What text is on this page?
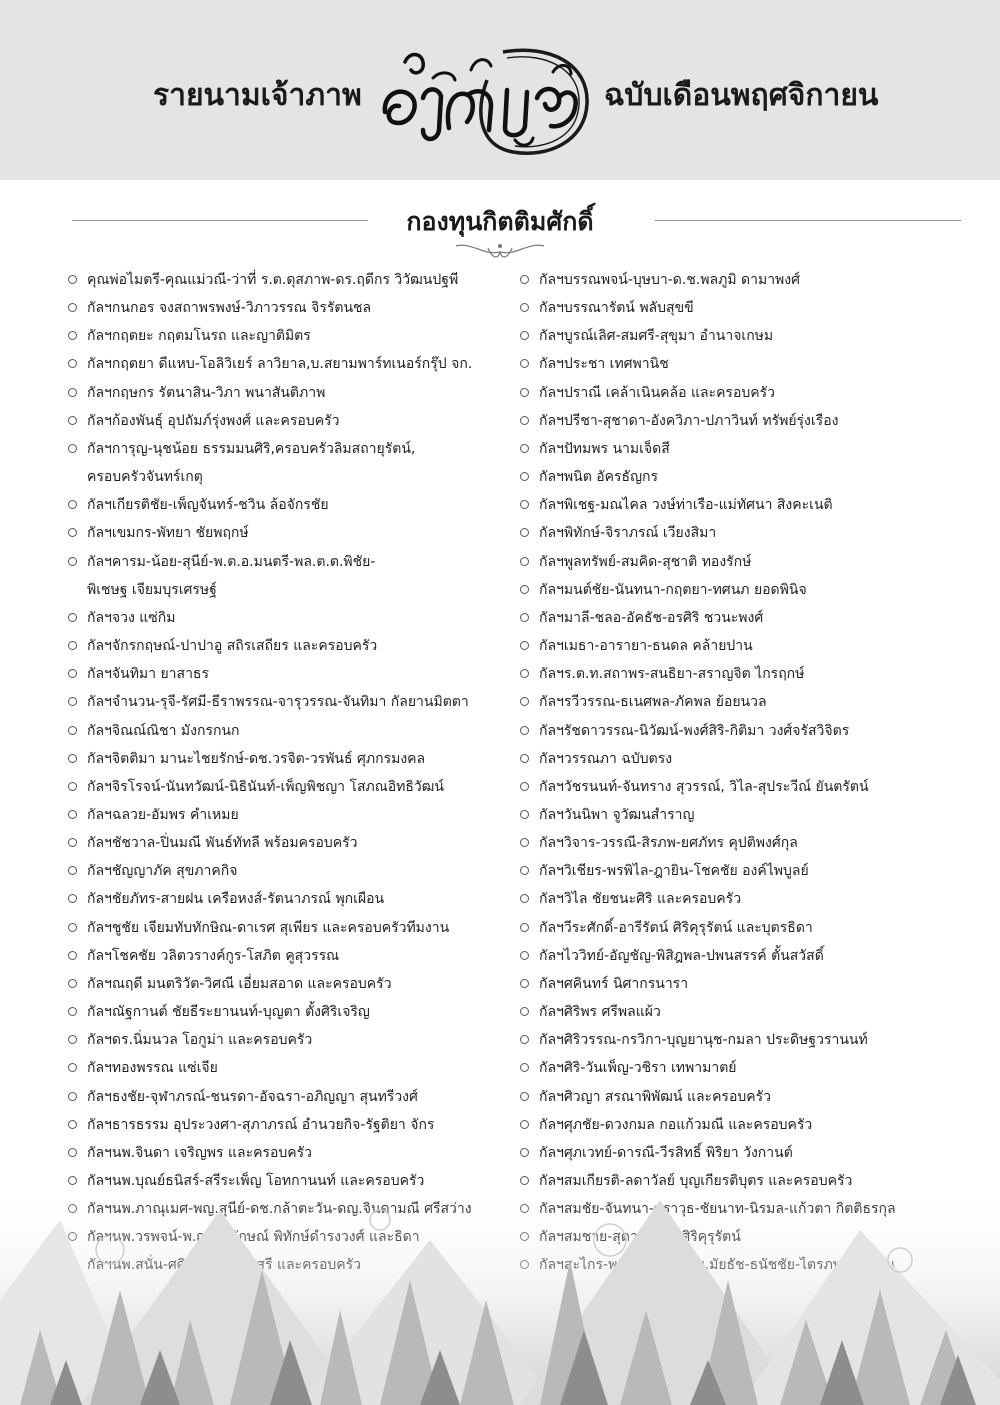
รายนามเจ้าภาพ	ฉบับเดือนพฤศจิกายน
กองทุนกิตติมศักดิ์
คุณพ่อไมตรี-คุณแม่วณี-ว่าที่ ร.ต.ดุสภาพ-ดร.ฤดีกร วิวัฒนปฐพี
กัลฯกนกอร จงสถาพรพงษ์-วิภาวรรณ จิรรัตนชล
กัลฯกฤตยะ กฤตมโนรถ และญาติมิตร
กัลฯกฤตยา ดีแหบ-โอลิวิเยร์ ลาวิยาล,บ.สยามพาร์ทเนอร์กรุ๊ป จก.
กัลฯกฤษกร รัตนาสิน-วิภา พนาสันติภาพ
กัลฯก้องพันธุ์ อุปถัมภ์รุ่งพงศ์ และครอบครัว
กัลฯการุญ-นุชน้อย ธรรมมนศิริ,ครอบครัวลิมสถายุรัตน์,
ครอบครัวจันทร์เกตุ
กัลฯเกียรติชัย-เพ็ญจันทร์-ชวิน ล้อจักรชัย
กัลฯเขมกร-พัทยา ชัยพฤกษ์
กัลฯคารม-น้อย-สุนีย์-พ.ต.อ.มนตรี-พล.ต.ต.พิชัย-
พิเชษฐ เจียมบุรเศรษฐ์
กัลฯจวง แซ่กิม
กัลฯจักรกฤษณ์-ปาปาอู สถิรเสถียร และครอบครัว
กัลฯจันทิมา ยาสาธร
กัลฯจำนวน-รุจี-รัศมี-ธีราพรรณ-จารุวรรณ-จันทิมา กัลยานมิตตา
กัลฯจิณณ์ณิชา มังกรกนก
กัลฯจิตติมา มานะไชยรักษ์-ดช.วรจิต-วรพันธ์ ศุภกรมงคล
กัลฯจิรโรจน์-นันทวัฒน์-นิธินันท์-เพ็ญพิชญา โสภณอิทธิวัฒน์
กัลฯฉลวย-อัมพร คำเหมย
กัลฯชัชวาล-ปิ่นมณี พันธ์ทัทลี พร้อมครอบครัว
กัลฯชัญญาภัค สุขภาคกิจ
กัลฯชัยภัทร-สายฝน เครือหงส์-รัตนาภรณ์ พุกเผือน
กัลฯชูชัย เจียมทับทักษิณ-ดาเรศ สุเพียร และครอบครัวทีมงาน
กัลฯโชคชัย วลิตวรางค์กูร-โสภิต คูสุวรรณ
กัลฯณฤดี มนตริวัต-วิศณี เอี่ยมสอาด และครอบครัว
กัลฯณัฐกานต์ ชัยธีระยานนท์-บุญตา ตั้งศิริเจริญ
กัลฯดร.นิ่มนวล โอกูม่า และครอบครัว
กัลฯทองพรรณ แซ่เจีย
กัลฯธงชัย-จุฬาภรณ์-ชนรดา-อัจฉรา-อภิญญา สุนทรีวงศ์
กัลฯธารธรรม อุประวงศา-สุภาภรณ์ อำนวยกิจ-รัฐติยา จักร
กัลฯนพ.จินดา เจริญพร และครอบครัว
กัลฯบรรณพจน์-บุษบา-ด.ช.พลภูมิ ดามาพงศ์
กัลฯบรรณารัตน์ พลับสุขขี
กัลฯบูรณ์เลิศ-สมศรี-สุขุมา อำนาจเกษม
กัลฯประชา เทศพานิช
กัลฯปราณี เคล้าเนินคล้อ และครอบครัว
กัลฯปรีชา-สุชาดา-อังควิภา-ปภาวินท์ ทรัพย์รุ่งเรือง
กัลฯปัทมพร นามเจ็ดสี
กัลฯพนิต อัครธัญกร
กัลฯพิเชฐ-มณไคล วงษ์ท่าเรือ-แม่ทัศนา สิงคะเนติ
กัลฯพิทักษ์-จิราภรณ์ เวียงสิมา
กัลฯพูลทรัพย์-สมคิด-สุชาติ ทองรักษ์
กัลฯมนต์ชัย-นันทนา-กฤตยา-ทศนภ ยอดพินิจ
กัลฯมาลี-ชลอ-อัคธัช-อรศิริ ชวนะพงศ์
กัลฯเมธา-อารายา-ธนดล คล้ายปาน
กัลฯร.ต.ท.สถาพร-สนธิยา-สราญจิต ไกรฤกษ์
กัลฯรวีวรรณ-ธเนศพล-ภัคพล ย้อยนวล
กัลฯรัชดาวรรณ-นิวัฒน์-พงศ์สิริ-กิติมา วงศ์จรัสวิจิตร
กัลฯวรรณภา ฉบับตรง
กัลฯวัชรนนท์-จันทราง สุวรรณ์, วิไล-สุประวีณ์ ยันตรัตน์
กัลฯวันนิพา จูวัฒนสำราญ
กัลฯวิจาร-วรรณี-สิรภพ-ยศภัทร คุปติพงศ์กุล
กัลฯวิเชียร-พรพิไล-ฎายิน-โชคชัย องค์ไพบูลย์
กัลฯวิไล ชัยชนะศิริ และครอบครัว
กัลฯวีระศักดิ์-อารีรัตน์ ศิริคุรุรัตน์ และบุตรธิดา
กัลฯไววิทย์-อัญชัญ-พิสิฎพล-ปพนสรรค์ ตั้นสวัสดิ์
กัลฯศคินทร์ นิศากรนารา
กัลฯศิริพร ศรีพลแผ้ว
กัลฯศิริวรรณ-กรวิกา-บุญยานุช-กมลา ประดิษฐวรานนท์
กัลฯศิริ-วันเพ็ญ-วชิรา เทพามาตย์
กัลฯศิวญา สรณาพิพัฒน์ และครอบครัว
กัลฯศุภชัย-ดวงกมล กอแก้วมณี และครอบครัว
กัลฯศุภเวทย์-ดารณี-วีรสิทธิ์ พิริยา วังกานต์
